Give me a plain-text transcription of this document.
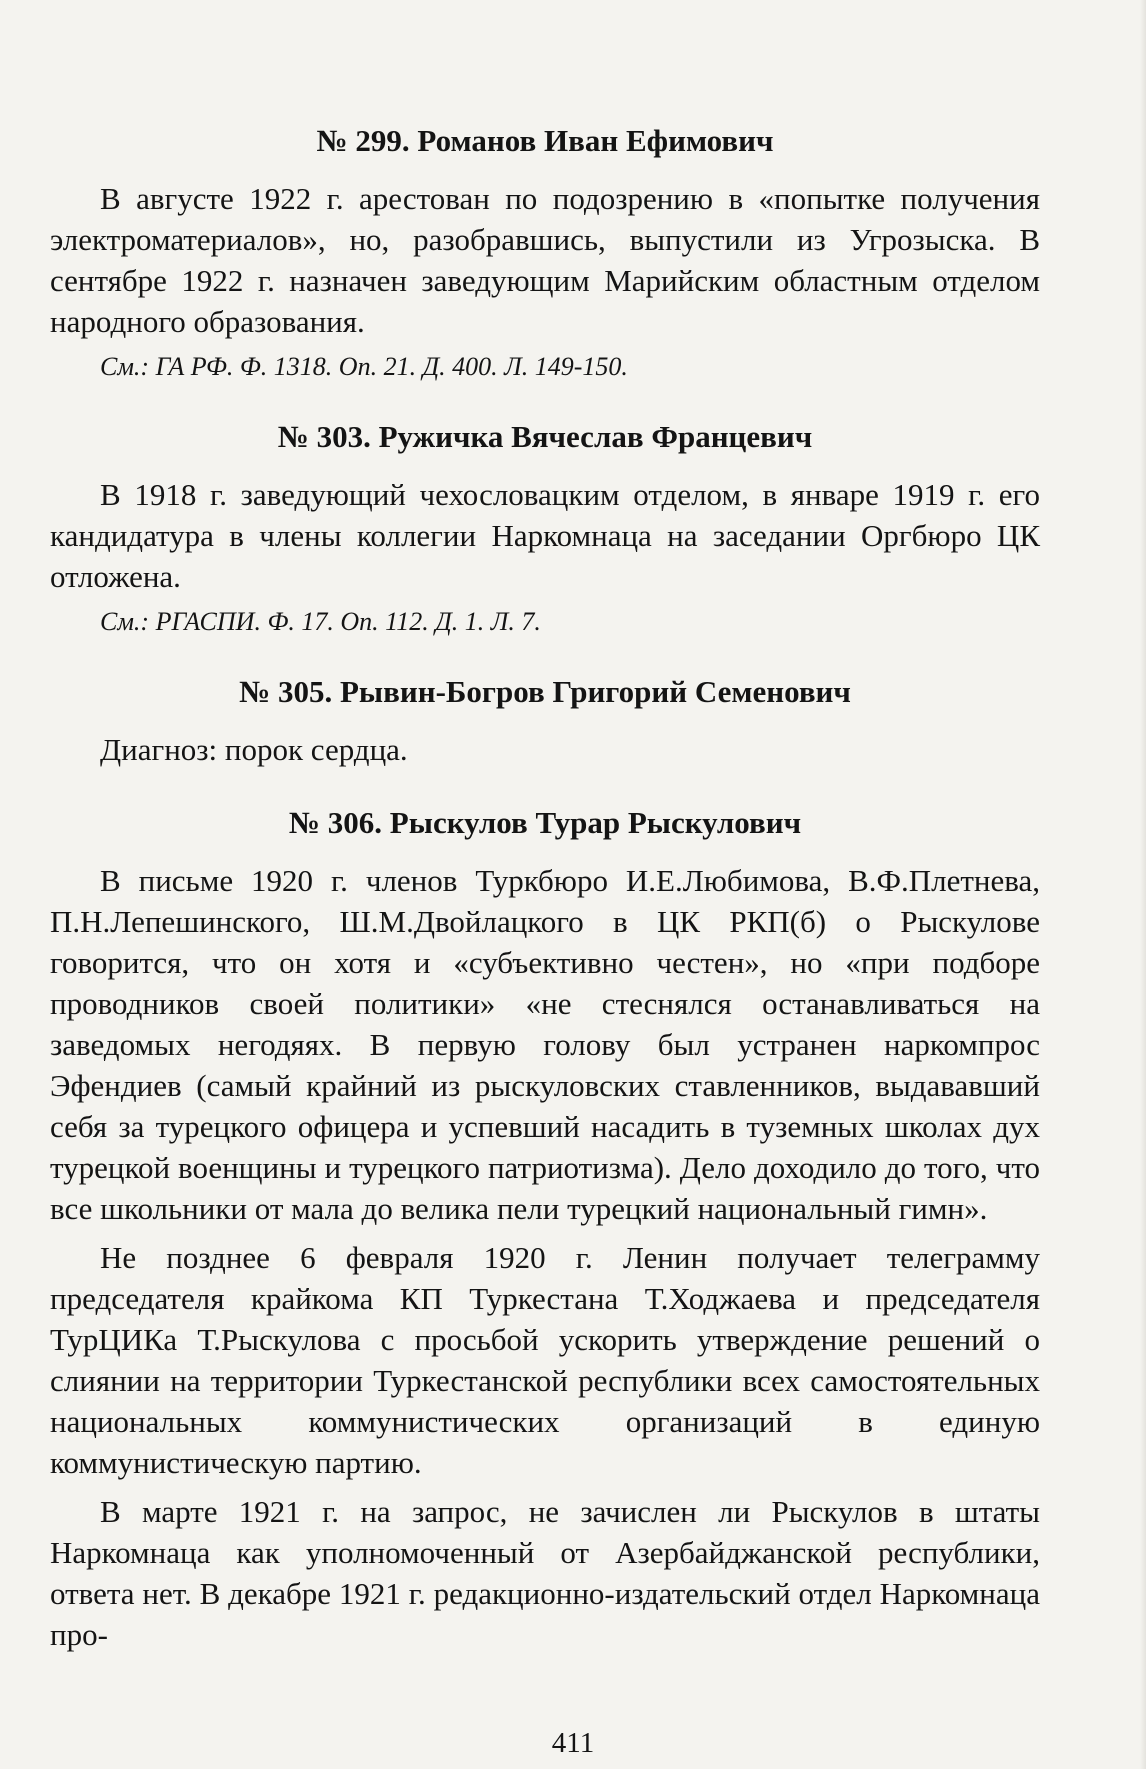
№ 299. Романов Иван Ефимович

В августе 1922 г. арестован по подозрению в «попытке получения электроматериалов», но, разобравшись, выпустили из Угрозыска. В сентябре 1922 г. назначен заведующим Марийским областным отделом народного образования.

См.: ГА РФ. Ф. 1318. Оп. 21. Д. 400. Л. 149-150.

№ 303. Ружичка Вячеслав Францевич

В 1918 г. заведующий чехословацким отделом, в январе 1919 г. его кандидатура в члены коллегии Наркомнаца на заседании Оргбюро ЦК отложена.

См.: РГАСПИ. Ф. 17. Оп. 112. Д. 1. Л. 7.

№ 305. Рывин-Богров Григорий Семенович

Диагноз: порок сердца.

№ 306. Рыскулов Турар Рыскулович

В письме 1920 г. членов Туркбюро И.Е.Любимова, В.Ф.Плетнева, П.Н.Лепешинского, Ш.М.Двойлацкого в ЦК РКП(б) о Рыскулове говорится, что он хотя и «субъективно честен», но «при подборе проводников своей политики» «не стеснялся останавливаться на заведомых негодяях. В первую голову был устранен наркомпрос Эфендиев (самый крайний из рыскуловских ставленников, выдававший себя за турецкого офицера и успевший насадить в туземных школах дух турецкой военщины и турецкого патриотизма). Дело доходило до того, что все школьники от мала до велика пели турецкий национальный гимн».

Не позднее 6 февраля 1920 г. Ленин получает телеграмму председателя крайкома КП Туркестана Т.Ходжаева и председателя ТурЦИКа Т.Рыскулова с просьбой ускорить утверждение решений о слиянии на территории Туркестанской республики всех самостоятельных национальных коммунистических организаций в единую коммунистическую партию.

В марте 1921 г. на запрос, не зачислен ли Рыскулов в штаты Наркомнаца как уполномоченный от Азербайджанской республики, ответа нет. В декабре 1921 г. редакционно-издательский отдел Наркомнаца про-

411
